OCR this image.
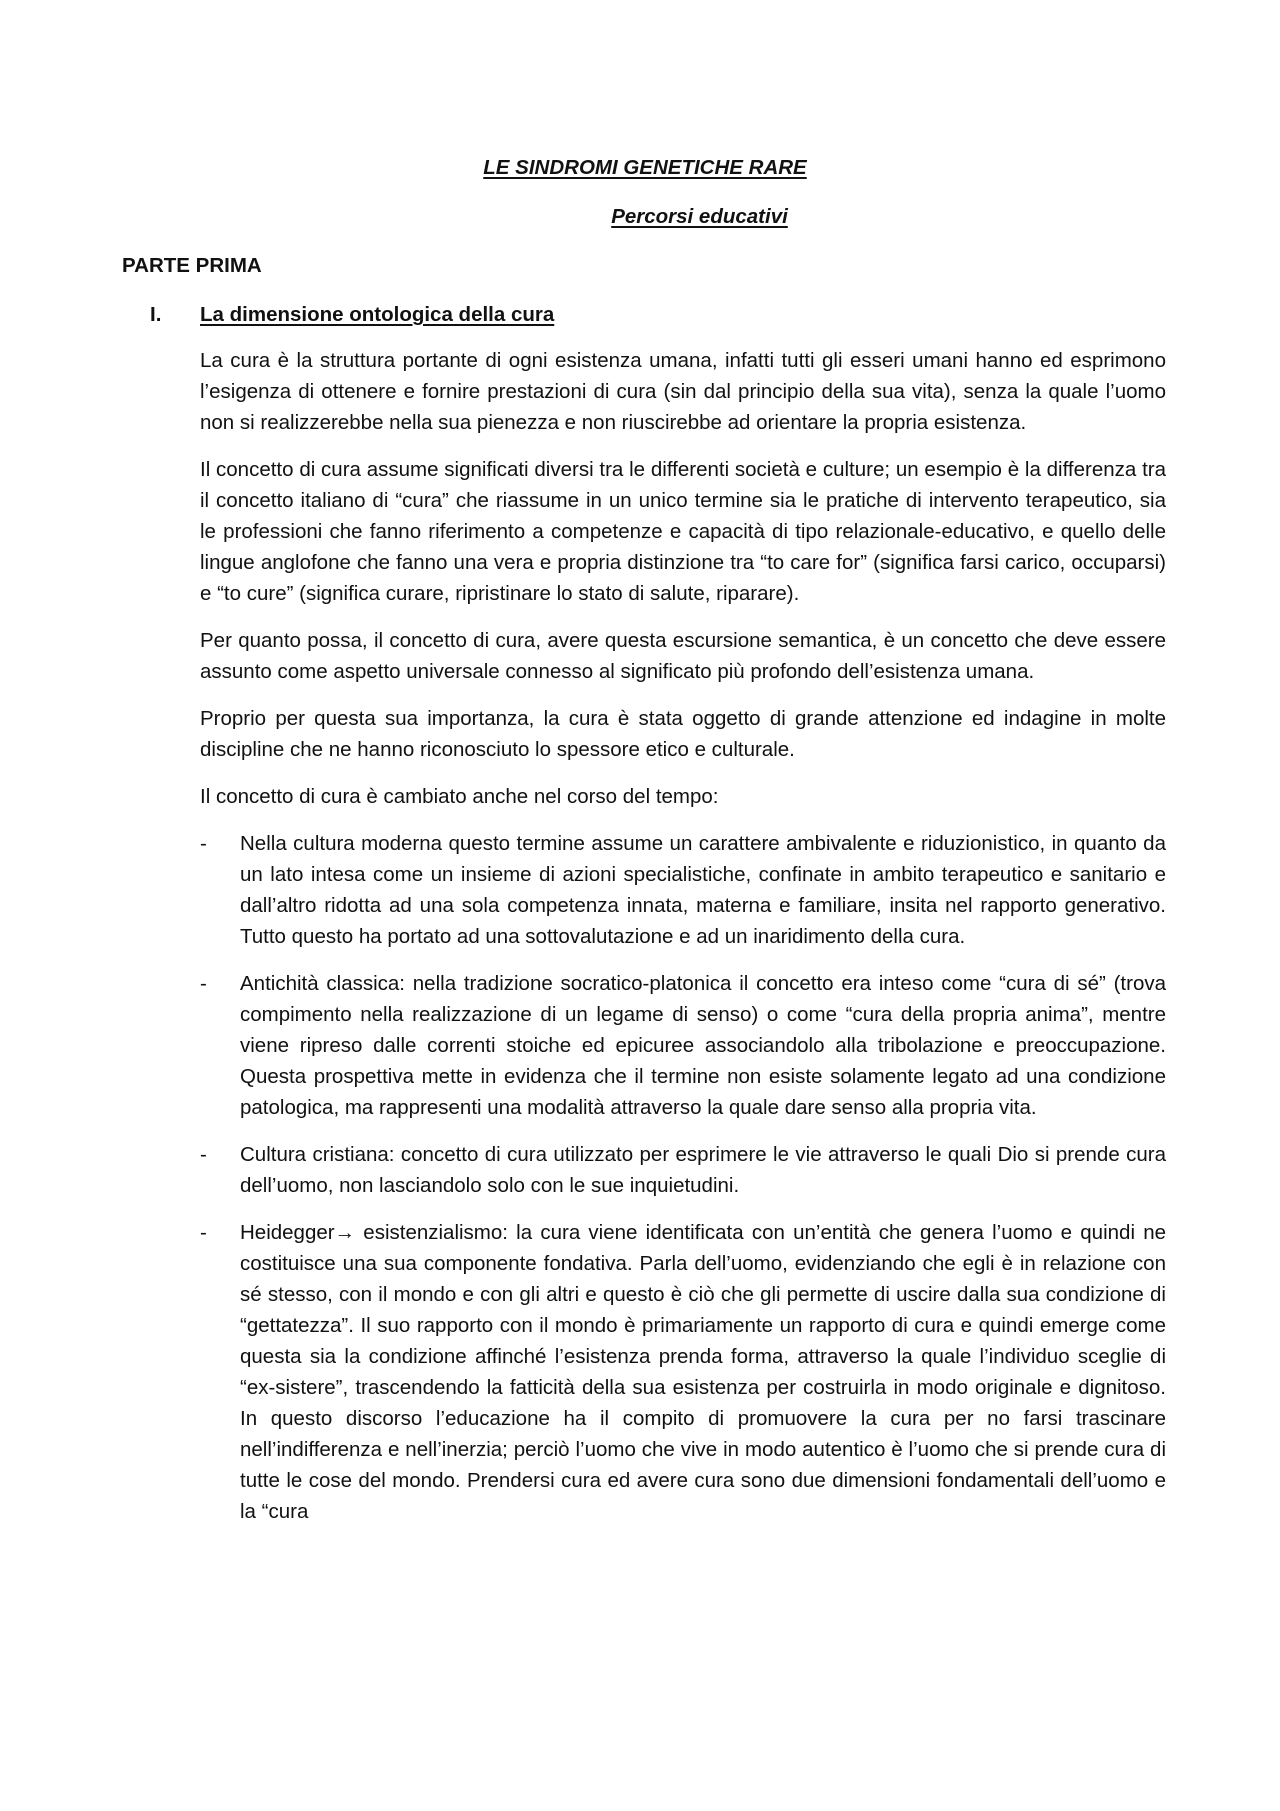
LE SINDROMI GENETICHE RARE

Percorsi educativi

PARTE PRIMA

I.	La dimensione ontologica della cura

La cura è la struttura portante di ogni esistenza umana, infatti tutti gli esseri umani hanno ed esprimono l’esigenza di ottenere e fornire prestazioni di cura (sin dal principio della sua vita), senza la quale l’uomo non si realizzerebbe nella sua pienezza e non riuscirebbe ad orientare la propria esistenza.

Il concetto di cura assume significati diversi tra le differenti società e culture; un esempio è la differenza tra il concetto italiano di “cura” che riassume in un unico termine sia le pratiche di intervento terapeutico, sia le professioni che fanno riferimento a competenze e capacità di tipo relazionale-educativo, e quello delle lingue anglofone che fanno una vera e propria distinzione tra “to care for” (significa farsi carico, occuparsi) e “to cure” (significa curare, ripristinare lo stato di salute, riparare).

Per quanto possa, il concetto di cura, avere questa escursione semantica, è un concetto che deve essere assunto come aspetto universale connesso al significato più profondo dell’esistenza umana.

Proprio per questa sua importanza, la cura è stata oggetto di grande attenzione ed indagine in molte discipline che ne hanno riconosciuto lo spessore etico e culturale.

Il concetto di cura è cambiato anche nel corso del tempo:

-	Nella cultura moderna questo termine assume un carattere ambivalente e riduzionistico, in quanto da un lato intesa come un insieme di azioni specialistiche, confinate in ambito terapeutico e sanitario e dall’altro ridotta ad una sola competenza innata, materna e familiare, insita nel rapporto generativo. Tutto questo ha portato ad una sottovalutazione e ad un inaridimento della cura.
-	Antichità classica: nella tradizione socratico-platonica il concetto era inteso come “cura di sé” (trova compimento nella realizzazione di un legame di senso) o come “cura della propria anima”, mentre viene ripreso dalle correnti stoiche ed epicuree associandolo alla tribolazione e preoccupazione. Questa prospettiva mette in evidenza che il termine non esiste solamente legato ad una condizione patologica, ma rappresenti una modalità attraverso la quale dare senso alla propria vita.
-	Cultura cristiana: concetto di cura utilizzato per esprimere le vie attraverso le quali Dio si prende cura dell’uomo, non lasciandolo solo con le sue inquietudini.
-	Heidegger→ esistenzialismo: la cura viene identificata con un’entità che genera l’uomo e quindi ne costituisce una sua componente fondativa. Parla dell’uomo, evidenziando che egli è in relazione con sé stesso, con il mondo e con gli altri e questo è ciò che gli permette di uscire dalla sua condizione di “gettatezza”. Il suo rapporto con il mondo è primariamente un rapporto di cura e quindi emerge come questa sia la condizione affinché l’esistenza prenda forma, attraverso la quale l’individuo sceglie di “ex-sistere”, trascendendo la fatticità della sua esistenza per costruirla in modo originale e dignitoso. In questo discorso l’educazione ha il compito di promuovere la cura per no farsi trascinare nell’indifferenza e nell’inerzia; perciò l’uomo che vive in modo autentico è l’uomo che si prende cura di tutte le cose del mondo. Prendersi cura ed avere cura sono due dimensioni fondamentali dell’uomo e la “cura
